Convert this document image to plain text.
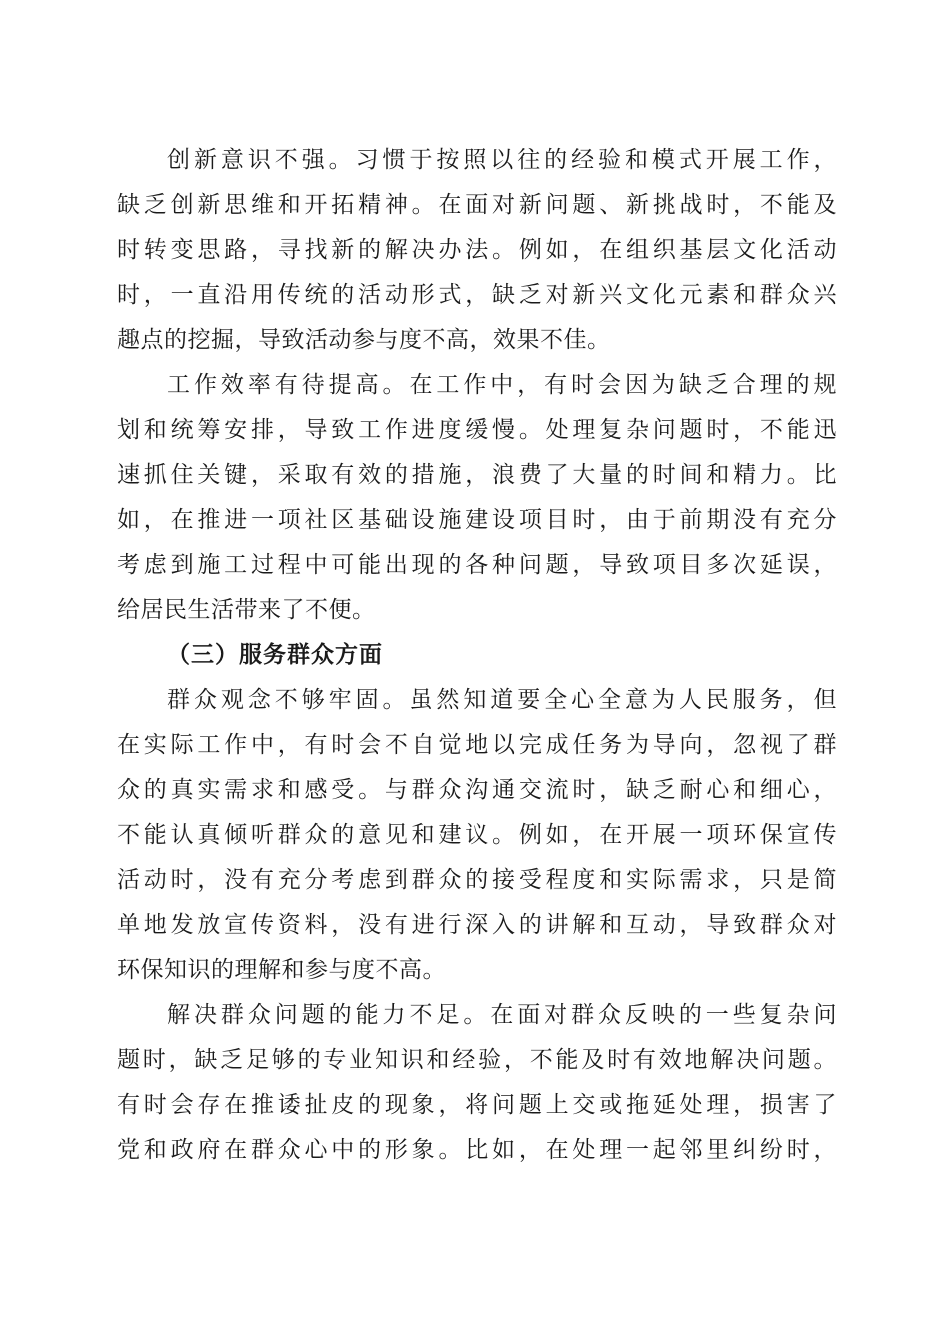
创新意识不强。习惯于按照以往的经验和模式开展工作，
缺乏创新思维和开拓精神。在面对新问题、新挑战时，不能及
时转变思路，寻找新的解决办法。例如，在组织基层文化活动
时，一直沿用传统的活动形式，缺乏对新兴文化元素和群众兴
趣点的挖掘，导致活动参与度不高，效果不佳。
工作效率有待提高。在工作中，有时会因为缺乏合理的规
划和统筹安排，导致工作进度缓慢。处理复杂问题时，不能迅
速抓住关键，采取有效的措施，浪费了大量的时间和精力。比
如，在推进一项社区基础设施建设项目时，由于前期没有充分
考虑到施工过程中可能出现的各种问题，导致项目多次延误，
给居民生活带来了不便。
（三）服务群众方面
群众观念不够牢固。虽然知道要全心全意为人民服务，但
在实际工作中，有时会不自觉地以完成任务为导向，忽视了群
众的真实需求和感受。与群众沟通交流时，缺乏耐心和细心，
不能认真倾听群众的意见和建议。例如，在开展一项环保宣传
活动时，没有充分考虑到群众的接受程度和实际需求，只是简
单地发放宣传资料，没有进行深入的讲解和互动，导致群众对
环保知识的理解和参与度不高。
解决群众问题的能力不足。在面对群众反映的一些复杂问
题时，缺乏足够的专业知识和经验，不能及时有效地解决问题。
有时会存在推诿扯皮的现象，将问题上交或拖延处理，损害了
党和政府在群众心中的形象。比如，在处理一起邻里纠纷时，
